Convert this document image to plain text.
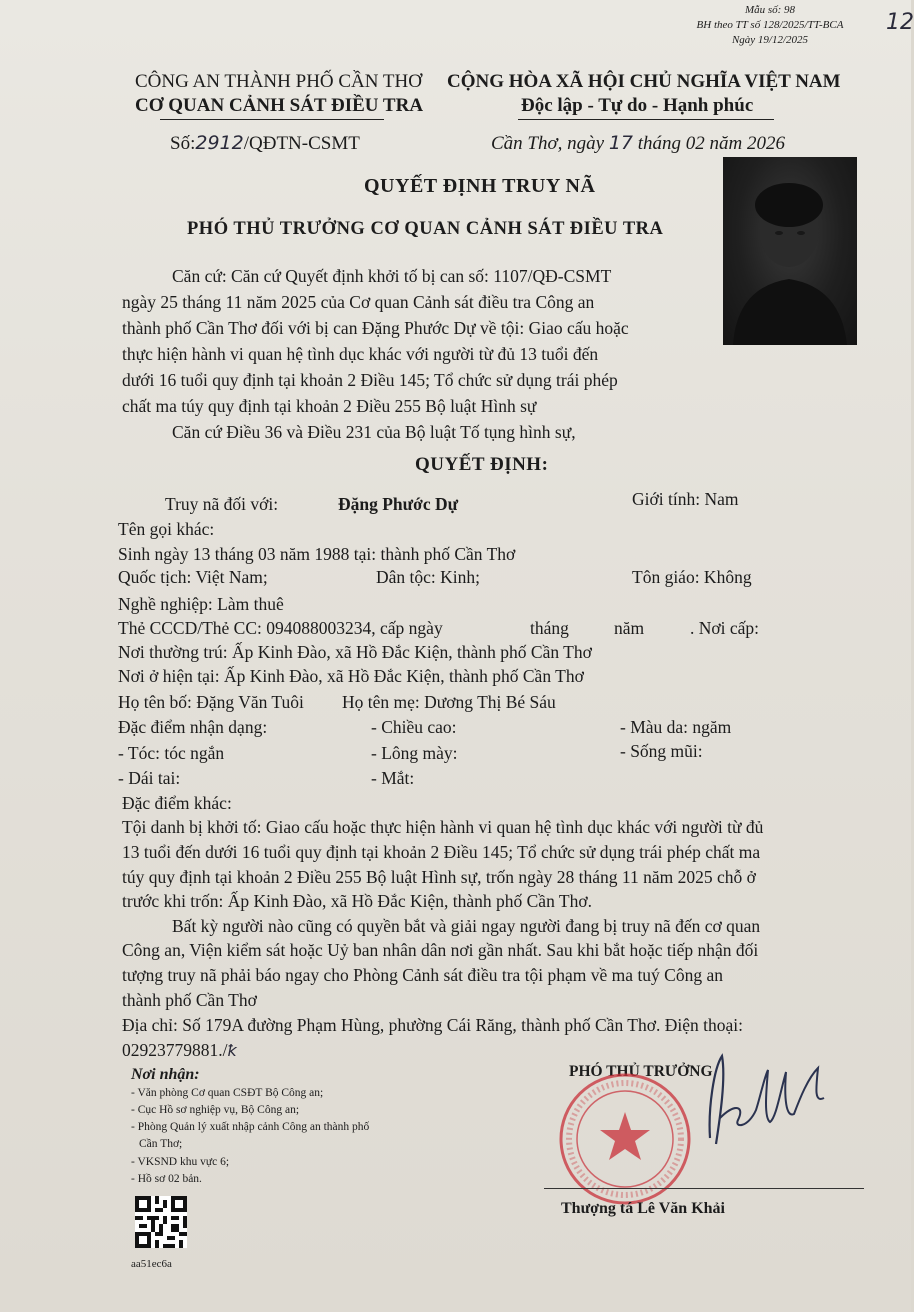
Mẫu số: 98
BH theo TT số 128/2025/TT-BCA
Ngày 19/12/2025
12
CÔNG AN THÀNH PHỐ CẦN THƠ
CƠ QUAN CẢNH SÁT ĐIỀU TRA
CỘNG HÒA XÃ HỘI CHỦ NGHĨA VIỆT NAM
Độc lập - Tự do - Hạnh phúc
Số:2912/QĐTN-CSMT	Cần Thơ, ngày 17 tháng 02 năm 2026
QUYẾT ĐỊNH TRUY NÃ
PHÓ THỦ TRƯỞNG CƠ QUAN CẢNH SÁT ĐIỀU TRA
Căn cứ: Căn cứ Quyết định khởi tố bị can số: 1107/QĐ-CSMT
ngày 25 tháng 11 năm 2025 của Cơ quan Cảnh sát điều tra Công an
thành phố Cần Thơ đối với bị can Đặng Phước Dự về tội: Giao cấu hoặc
thực hiện hành vi quan hệ tình dục khác với người từ đủ 13 tuổi đến
dưới 16 tuổi quy định tại khoản 2 Điều 145; Tổ chức sử dụng trái phép
chất ma túy quy định tại khoản 2 Điều 255 Bộ luật Hình sự
Căn cứ Điều 36 và Điều 231 của Bộ luật Tố tụng hình sự,
QUYẾT ĐỊNH:
Truy nã đối với:	Đặng Phước Dự	Giới tính: Nam
Tên gọi khác:
Sinh ngày 13 tháng 03 năm 1988 tại: thành phố Cần Thơ
Quốc tịch: Việt Nam;	Dân tộc: Kinh;	Tôn giáo: Không
Nghề nghiệp: Làm thuê
Thẻ CCCD/Thẻ CC: 094088003234, cấp ngày	tháng	năm	. Nơi cấp:
Nơi thường trú: Ấp Kinh Đào, xã Hồ Đắc Kiện, thành phố Cần Thơ
Nơi ở hiện tại: Ấp Kinh Đào, xã Hồ Đắc Kiện, thành phố Cần Thơ
Họ tên bố: Đặng Văn Tuôi Họ tên mẹ: Dương Thị Bé Sáu
Đặc điểm nhận dạng:	- Chiều cao:	- Màu da: ngăm
- Tóc: tóc ngắn	- Lông mày:	- Sống mũi:
- Dái tai:	- Mắt:
Đặc điểm khác:
Tội danh bị khởi tố: Giao cấu hoặc thực hiện hành vi quan hệ tình dục khác với người từ đủ
13 tuổi đến dưới 16 tuổi quy định tại khoản 2 Điều 145; Tổ chức sử dụng trái phép chất ma
túy quy định tại khoản 2 Điều 255 Bộ luật Hình sự, trốn ngày 28 tháng 11 năm 2025 chỗ ở
trước khi trốn: Ấp Kinh Đào, xã Hồ Đắc Kiện, thành phố Cần Thơ.
Bất kỳ người nào cũng có quyền bắt và giải ngay người đang bị truy nã đến cơ quan
Công an, Viện kiểm sát hoặc Uỷ ban nhân dân nơi gần nhất. Sau khi bắt hoặc tiếp nhận đối
tượng truy nã phải báo ngay cho Phòng Cảnh sát điều tra tội phạm về ma tuý Công an
thành phố Cần Thơ
Địa chỉ: Số 179A đường Phạm Hùng, phường Cái Răng, thành phố Cần Thơ. Điện thoại:
02923779881./ꝁ
Nơi nhận:
- Văn phòng Cơ quan CSĐT Bộ Công an;
- Cục Hồ sơ nghiệp vụ, Bộ Công an;
- Phòng Quản lý xuất nhập cảnh Công an thành phố
Cần Thơ;
- VKSND khu vực 6;
- Hồ sơ 02 bản.
aa51ec6a
PHÓ THỦ TRƯỞNG
Thượng tá Lê Văn Khải
